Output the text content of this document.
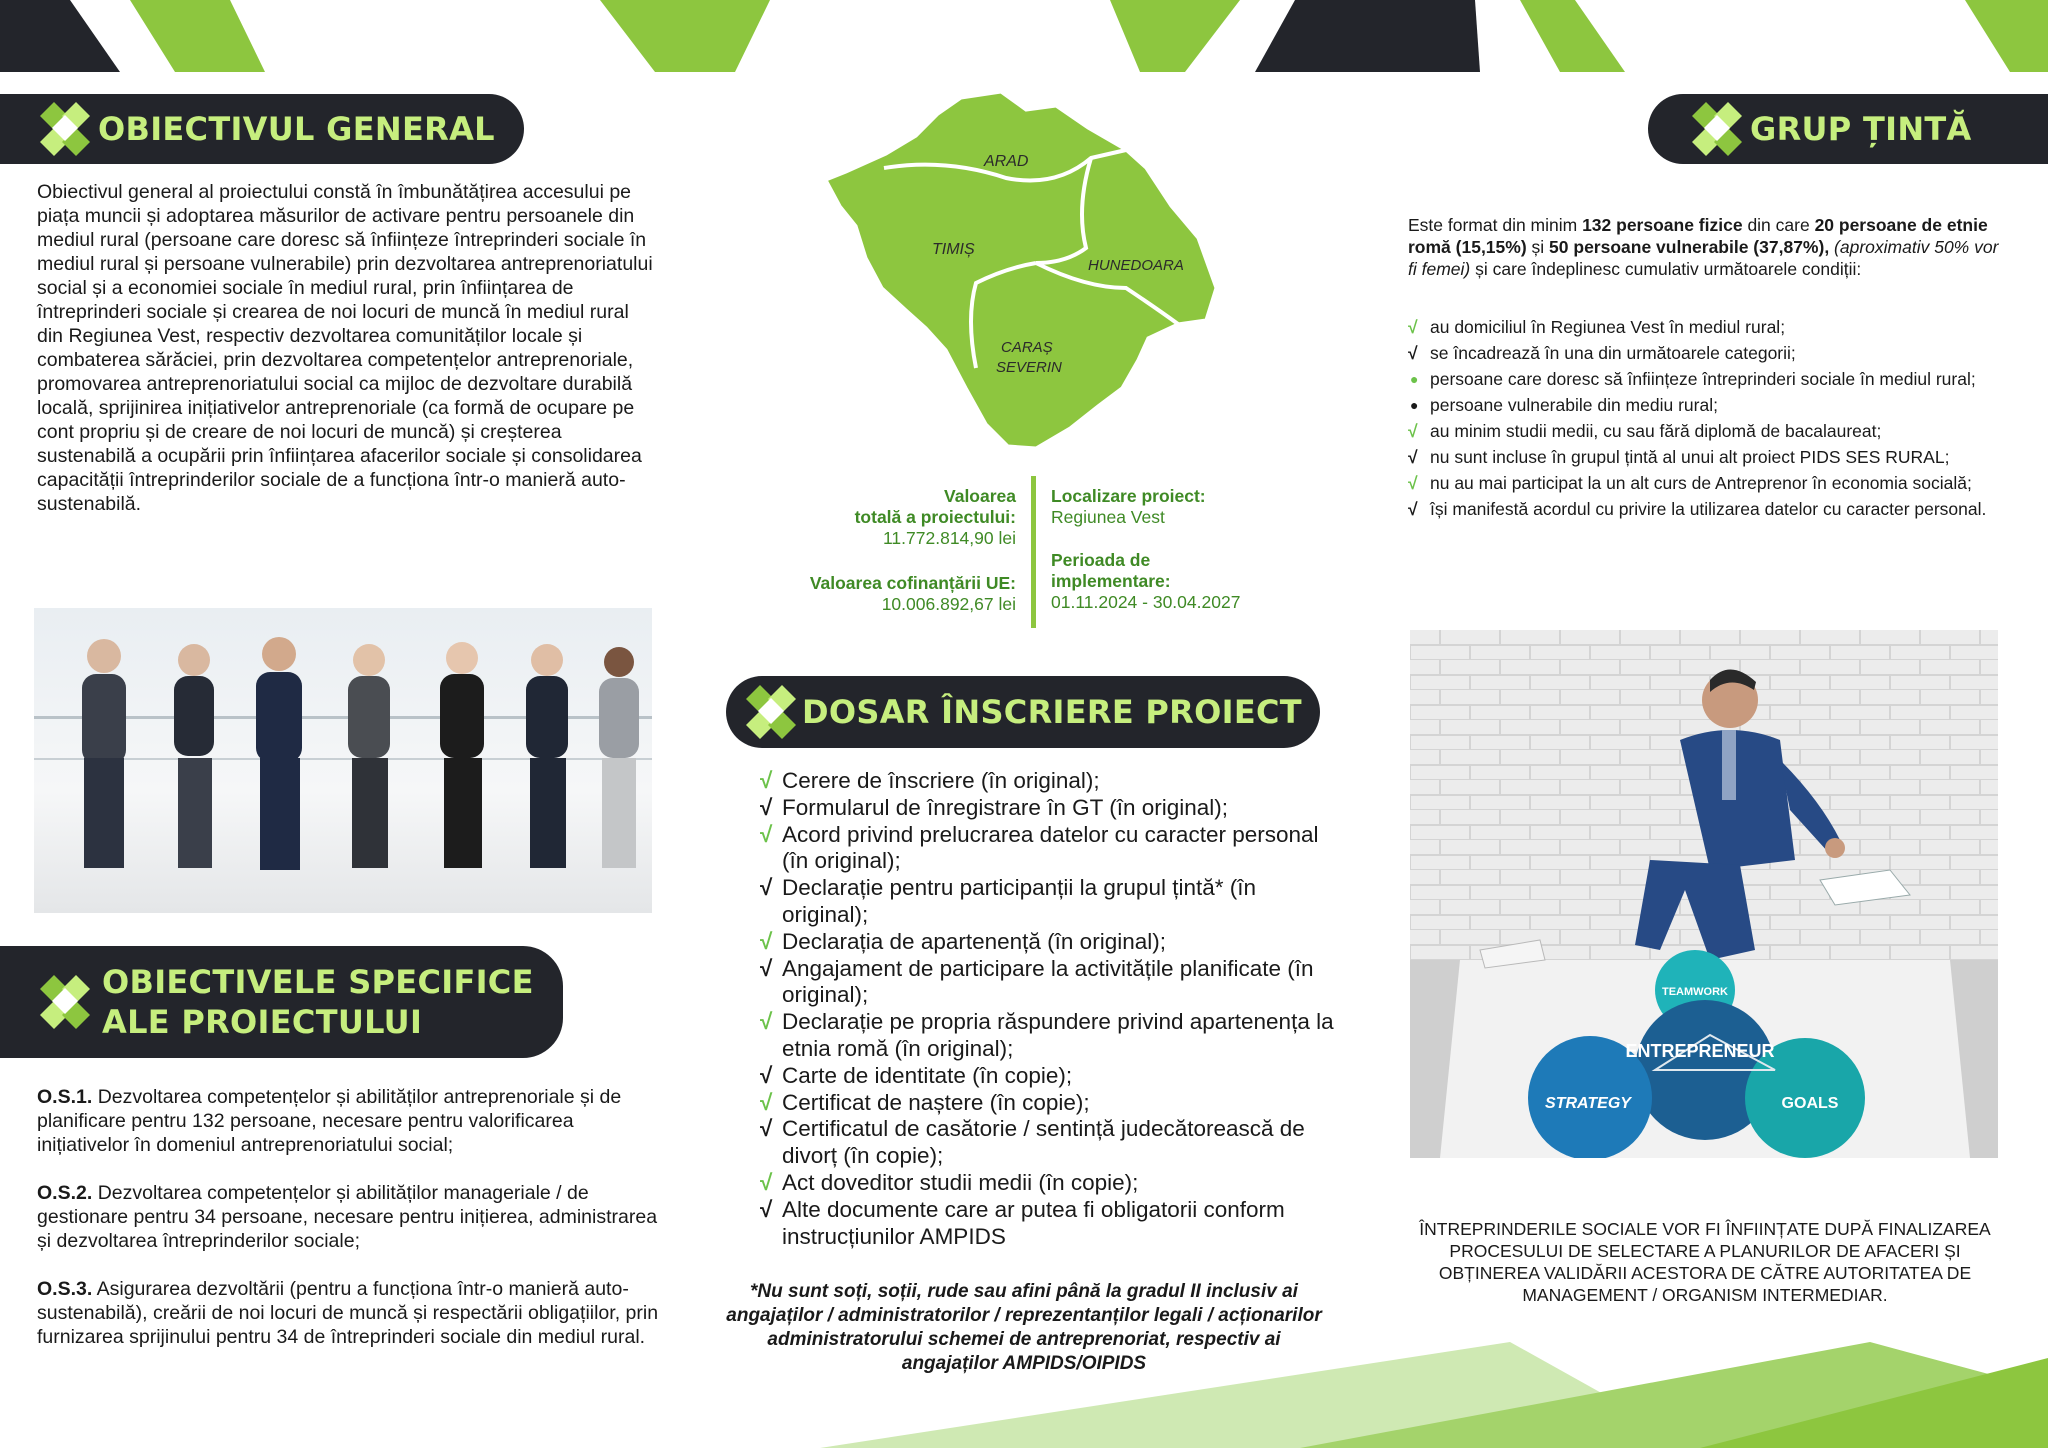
OBIECTIVUL GENERAL

Obiectivul general al proiectului constă în îmbunătățirea accesului pe piața muncii și adoptarea măsurilor de activare pentru persoanele din mediul rural (persoane care doresc să înființeze întreprinderi sociale în mediul rural și persoane vulnerabile) prin dezvoltarea antreprenoriatului social și a economiei sociale în mediul rural, prin înființarea de întreprinderi sociale și crearea de noi locuri de muncă în mediul rural din Regiunea Vest, respectiv dezvoltarea comunităților locale și combaterea sărăciei, prin dezvoltarea competențelor antreprenoriale, promovarea antreprenoriatului social ca mijloc de dezvoltare durabilă locală, sprijinirea inițiativelor antreprenoriale (ca formă de ocupare pe cont propriu și de creare de noi locuri de muncă) și creșterea sustenabilă a ocupării prin înființarea afacerilor sociale și consolidarea capacității întreprinderilor sociale de a funcționa într-o manieră auto-sustenabilă.

OBIECTIVELE SPECIFICE
ALE PROIECTULUI

O.S.1. Dezvoltarea competențelor și abilităților antreprenoriale și de planificare pentru 132 persoane, necesare pentru valorificarea inițiativelor în domeniul antreprenoriatului social;

O.S.2. Dezvoltarea competențelor și abilităților manageriale / de gestionare pentru 34 persoane, necesare pentru inițierea, administrarea și dezvoltarea întreprinderilor sociale;

O.S.3. Asigurarea dezvoltării (pentru a funcționa într-o manieră auto-sustenabilă), creării de noi locuri de muncă și respectării obligațiilor, prin furnizarea sprijinului pentru 34 de întreprinderi sociale din mediul rural.

ARAD
TIMIȘ
HUNEDOARA
CARAȘ
SEVERIN
Valoarea
totală a proiectului:
11.772.814,90 lei
Valoarea cofinanțării UE:
10.006.892,67 lei
Localizare proiect:
Regiunea Vest
Perioada de
implementare:
01.11.2024 - 30.04.2027
DOSAR ÎNSCRIERE PROIECT
√ Cerere de înscriere (în original);
√ Formularul de înregistrare în GT (în original);
√ Acord privind prelucrarea datelor cu caracter personal (în original);
√ Declarație pentru participanții la grupul țintă* (în original);
√ Declarația de apartenență (în original);
√ Angajament de participare la activitățile planificate (în original);
√ Declarație pe propria răspundere privind apartenența la etnia romă (în original);
√ Carte de identitate (în copie);
√ Certificat de naștere (în copie);
√ Certificatul de casătorie / sentință judecătorească de divorț (în copie);
√ Act doveditor studii medii (în copie);
√ Alte documente care ar putea fi obligatorii conform instrucțiunilor AMPIDS
*Nu sunt soți, soții, rude sau afini până la gradul II inclusiv ai angajaților / administratorilor / reprezentanților legali / acționarilor administratorului schemei de antreprenoriat, respectiv ai angajaților AMPIDS/OIPIDS
GRUP ȚINTĂ
Este format din minim 132 persoane fizice din care 20 persoane de etnie romă (15,15%) și 50 persoane vulnerabile (37,87%), (aproximativ 50% vor fi femei) și care îndeplinesc cumulativ următoarele condiții:
√ au domiciliul în Regiunea Vest în mediul rural;
√ se încadrează în una din următoarele categorii;
● persoane care doresc să înființeze întreprinderi sociale în mediul rural;
● persoane vulnerabile din mediu rural;
√ au minim studii medii, cu sau fără diplomă de bacalaureat;
√ nu sunt incluse în grupul țintă al unui alt proiect PIDS SES RURAL;
√ nu au mai participat la un alt curs de Antreprenor în economia socială;
√ își manifestă acordul cu privire la utilizarea datelor cu caracter personal.
TEAMWORK
ENTREPRENEUR
STRATEGY	GOALS
ÎNTREPRINDERILE SOCIALE VOR FI ÎNFIINȚATE DUPĂ FINALIZAREA PROCESULUI DE SELECTARE A PLANURILOR DE AFACERI ȘI OBȚINEREA VALIDĂRII ACESTORA DE CĂTRE AUTORITATEA DE MANAGEMENT / ORGANISM INTERMEDIAR.
